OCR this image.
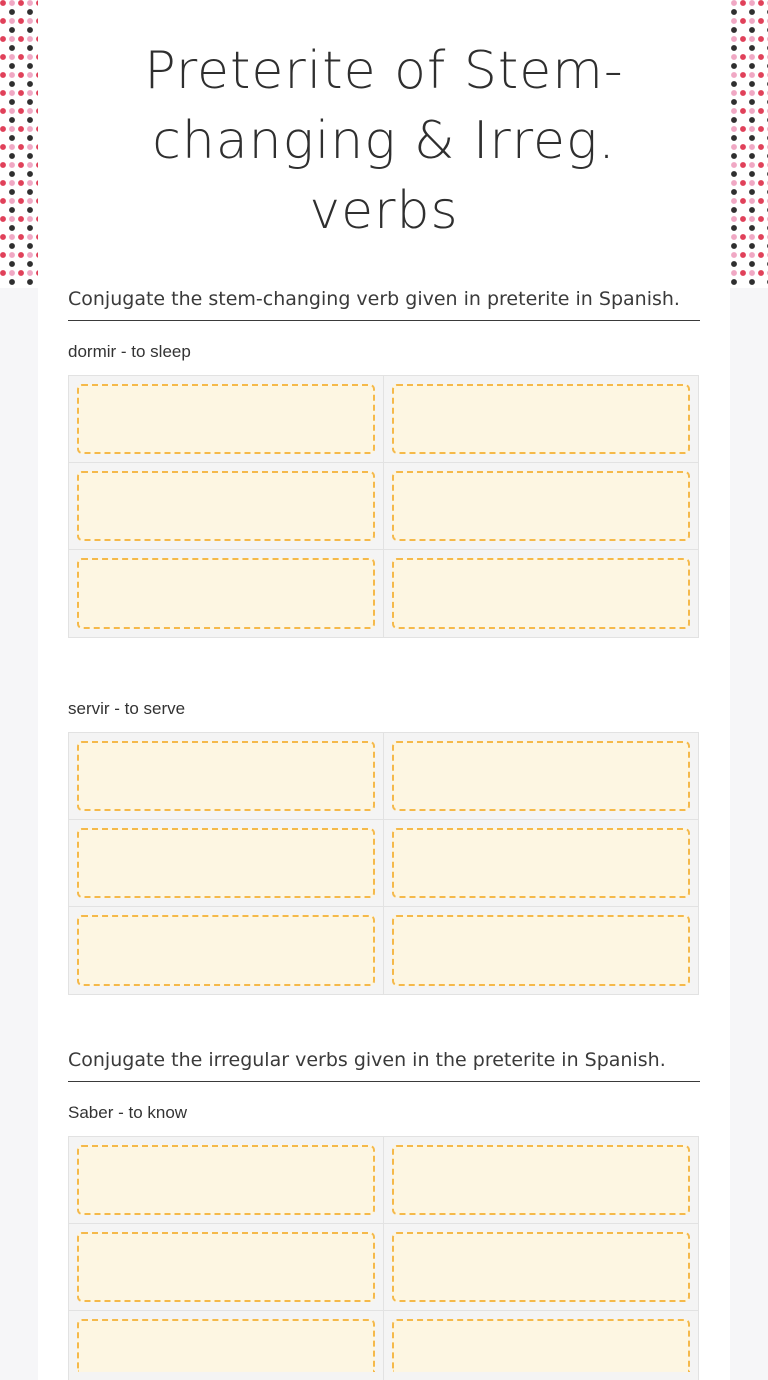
Preterite of Stem-changing & Irreg. verbs
Conjugate the stem-changing verb given in preterite in Spanish.
dormir - to sleep
servir - to serve
Conjugate the irregular verbs given in the preterite in Spanish.
Saber - to know
